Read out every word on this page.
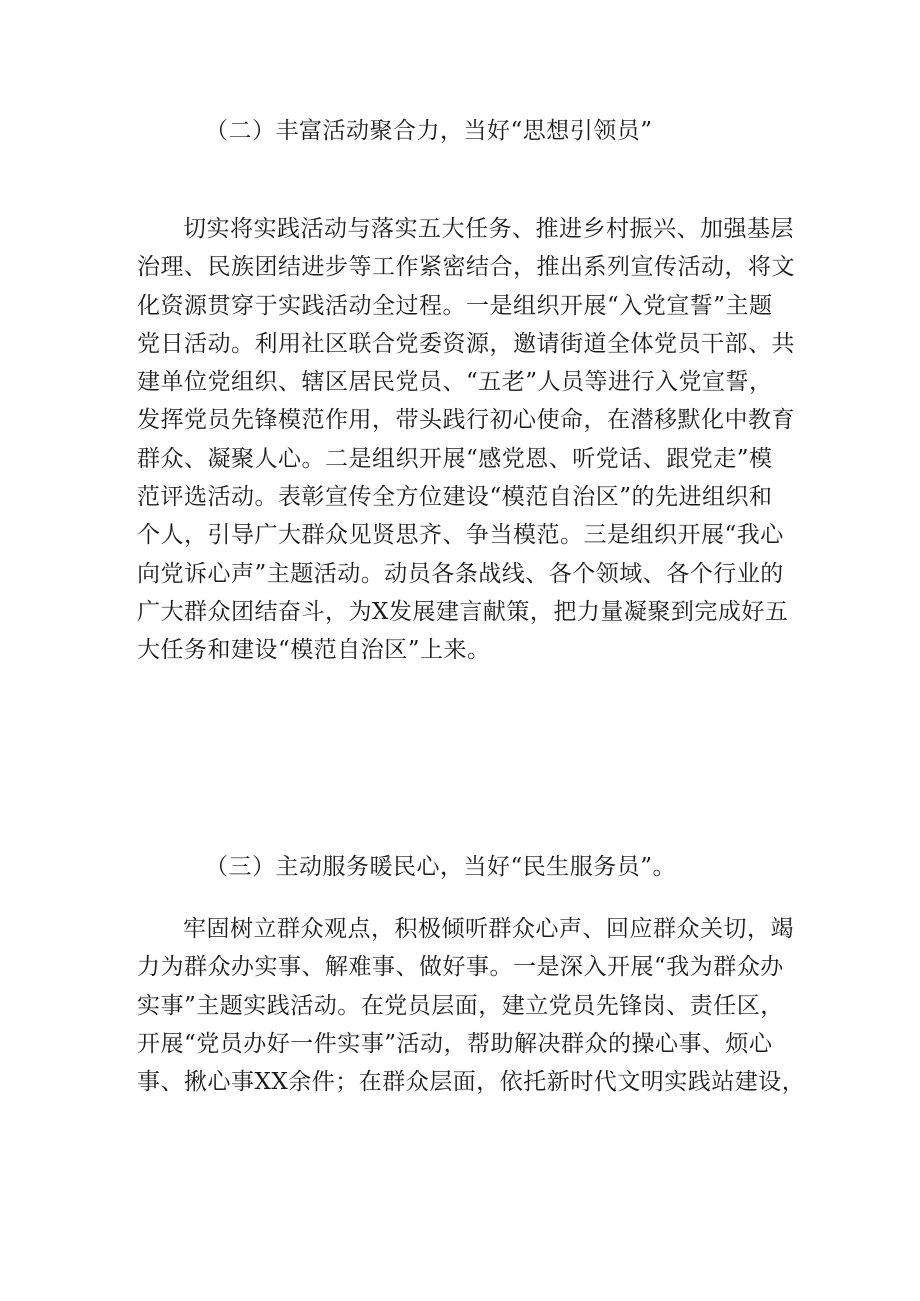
（二）丰富活动聚合力，当好“思想引领员”
切实将实践活动与落实五大任务、推进乡村振兴、加强基层
治理、民族团结进步等工作紧密结合，推出系列宣传活动，将文
化资源贯穿于实践活动全过程。一是组织开展“入党宣誓”主题
党日活动。利用社区联合党委资源，邀请街道全体党员干部、共
建单位党组织、辖区居民党员、“五老”人员等进行入党宣誓，
发挥党员先锋模范作用，带头践行初心使命，在潜移默化中教育
群众、凝聚人心。二是组织开展“感党恩、听党话、跟党走”模
范评选活动。表彰宣传全方位建设“模范自治区”的先进组织和
个人，引导广大群众见贤思齐、争当模范。三是组织开展“我心
向党诉心声”主题活动。动员各条战线、各个领域、各个行业的
广大群众团结奋斗，为X发展建言献策，把力量凝聚到完成好五
大任务和建设“模范自治区”上来。
（三）主动服务暖民心，当好“民生服务员”。
牢固树立群众观点，积极倾听群众心声、回应群众关切，竭
力为群众办实事、解难事、做好事。一是深入开展“我为群众办
实事”主题实践活动。在党员层面，建立党员先锋岗、责任区，
开展“党员办好一件实事”活动，帮助解决群众的操心事、烦心
事、揪心事XX余件；在群众层面，依托新时代文明实践站建设，
